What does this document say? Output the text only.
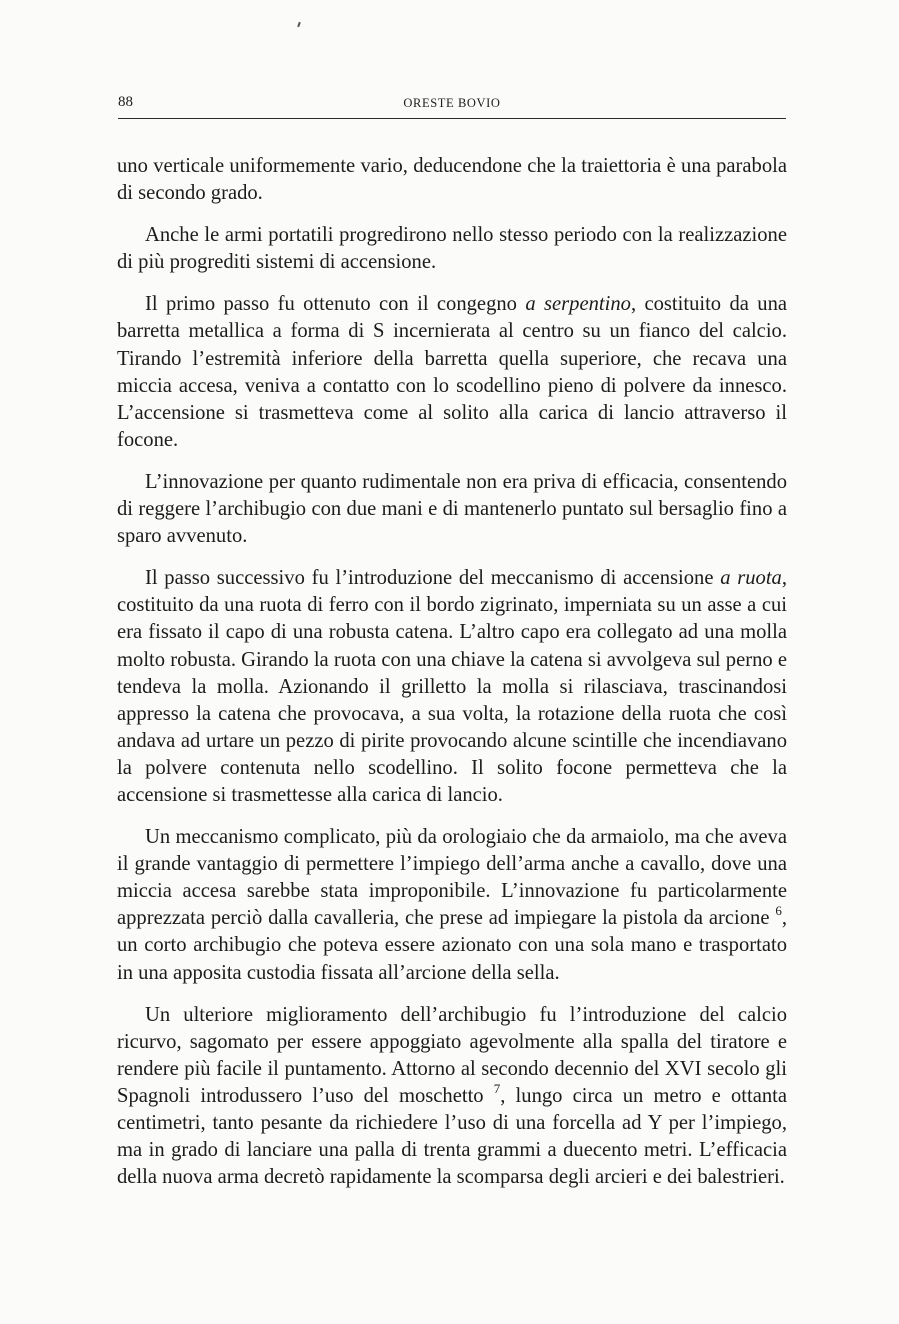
88	ORESTE BOVIO

uno verticale uniformemente vario, deducendone che la traiettoria è una parabola di secondo grado.

Anche le armi portatili progredirono nello stesso periodo con la realizzazione di più progrediti sistemi di accensione.

Il primo passo fu ottenuto con il congegno a serpentino, costituito da una barretta metallica a forma di S incernierata al centro su un fianco del calcio. Tirando l’estremità inferiore della barretta quella superiore, che recava una miccia accesa, veniva a contatto con lo scodellino pieno di polvere da innesco. L’accensione si trasmetteva come al solito alla carica di lancio attraverso il focone.

L’innovazione per quanto rudimentale non era priva di efficacia, consentendo di reggere l’archibugio con due mani e di mantenerlo puntato sul bersaglio fino a sparo avvenuto.

Il passo successivo fu l’introduzione del meccanismo di accensione a ruota, costituito da una ruota di ferro con il bordo zigrinato, imperniata su un asse a cui era fissato il capo di una robusta catena. L’altro capo era collegato ad una molla molto robusta. Girando la ruota con una chiave la catena si avvolgeva sul perno e tendeva la molla. Azionando il grilletto la molla si rilasciava, trascinandosi appresso la catena che provocava, a sua volta, la rotazione della ruota che così andava ad urtare un pezzo di pirite provocando alcune scintille che incendiavano la polvere contenuta nello scodellino. Il solito focone permetteva che la accensione si trasmettesse alla carica di lancio.

Un meccanismo complicato, più da orologiaio che da armaiolo, ma che aveva il grande vantaggio di permettere l’impiego dell’arma anche a cavallo, dove una miccia accesa sarebbe stata improponibile. L’innovazione fu particolarmente apprezzata perciò dalla cavalleria, che prese ad impiegare la pistola da arcione $^6$, un corto archibugio che poteva essere azionato con una sola mano e trasportato in una apposita custodia fissata all’arcione della sella.

Un ulteriore miglioramento dell’archibugio fu l’introduzione del calcio ricurvo, sagomato per essere appoggiato agevolmente alla spalla del tiratore e rendere più facile il puntamento. Attorno al secondo decennio del XVI secolo gli Spagnoli introdussero l’uso del moschetto $^7$, lungo circa un metro e ottanta centimetri, tanto pesante da richiedere l’uso di una forcella ad Y per l’impiego, ma in grado di lanciare una palla di trenta grammi a duecento metri. L’efficacia della nuova arma decretò rapidamente la scomparsa degli arcieri e dei balestrieri.
